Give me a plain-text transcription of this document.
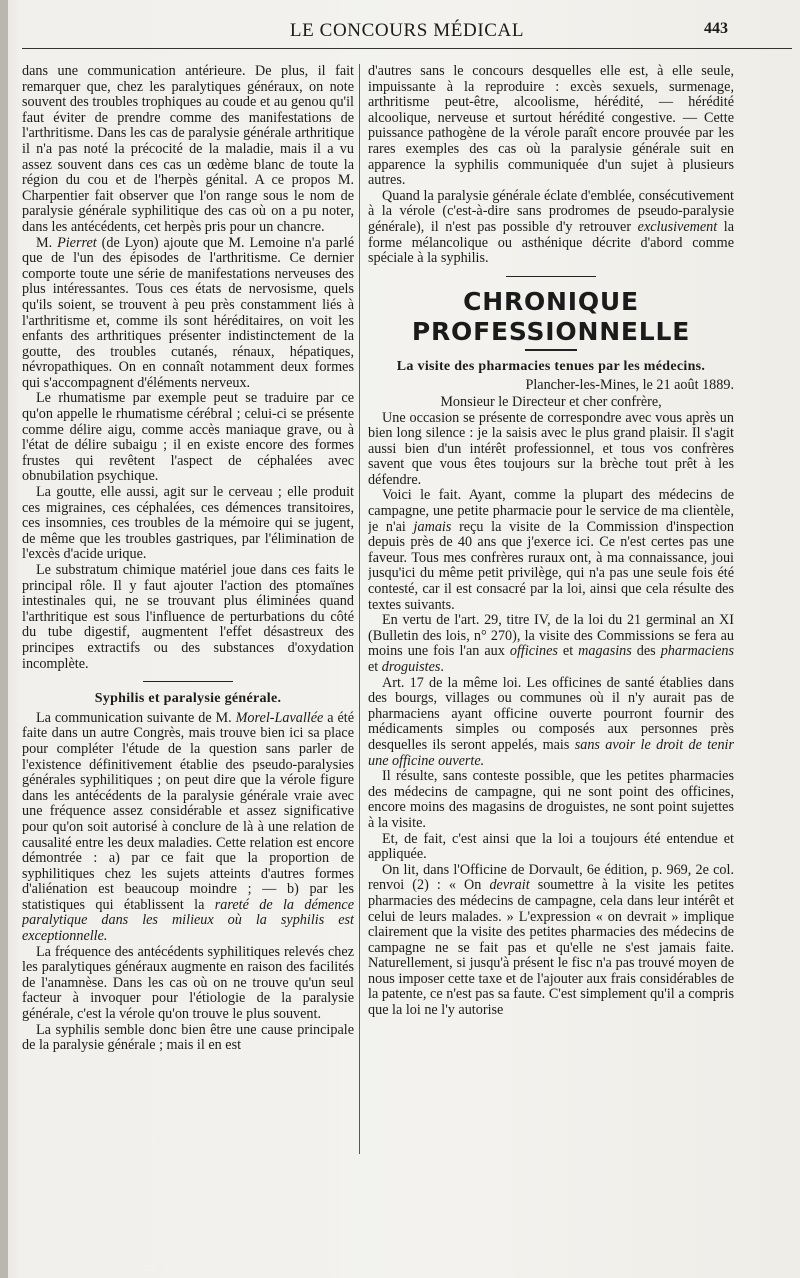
LE CONCOURS MÉDICAL	443

dans une communication antérieure. De plus, il fait remarquer que, chez les paralytiques généraux, on note souvent des troubles trophiques au coude et au genou qu'il faut éviter de prendre comme des manifestations de l'arthritisme. Dans les cas de paralysie générale arthritique il n'a pas noté la précocité de la maladie, mais il a vu assez souvent dans ces cas un œdème blanc de toute la région du cou et de l'herpès génital. A ce propos M. Charpentier fait observer que l'on range sous le nom de paralysie générale syphilitique des cas où on a pu noter, dans les antécédents, cet herpès pris pour un chancre.

M. Pierret (de Lyon) ajoute que M. Lemoine n'a parlé que de l'un des épisodes de l'arthritisme. Ce dernier comporte toute une série de manifestations nerveuses des plus intéressantes. Tous ces états de nervosisme, quels qu'ils soient, se trouvent à peu près constamment liés à l'arthritisme et, comme ils sont héréditaires, on voit les enfants des arthritiques présenter indistinctement de la goutte, des troubles cutanés, rénaux, hépatiques, névropathiques. On en connaît notamment deux formes qui s'accompagnent d'éléments nerveux.

Le rhumatisme par exemple peut se traduire par ce qu'on appelle le rhumatisme cérébral ; celui-ci se présente comme délire aigu, comme accès maniaque grave, ou à l'état de délire subaigu ; il en existe encore des formes frustes qui revêtent l'aspect de céphalées avec obnubilation psychique.

La goutte, elle aussi, agit sur le cerveau ; elle produit ces migraines, ces céphalées, ces démences transitoires, ces insomnies, ces troubles de la mémoire qui se jugent, de même que les troubles gastriques, par l'élimination de l'excès d'acide urique.

Le substratum chimique matériel joue dans ces faits le principal rôle. Il y faut ajouter l'action des ptomaïnes intestinales qui, ne se trouvant plus éliminées quand l'arthritique est sous l'influence de perturbations du côté du tube digestif, augmentent l'effet désastreux des principes extractifs ou des substances d'oxydation incomplète.

Syphilis et paralysie générale.

La communication suivante de M. Morel-Lavallée a été faite dans un autre Congrès, mais trouve bien ici sa place pour compléter l'étude de la question sans parler de l'existence définitivement établie des pseudo-paralysies générales syphilitiques ; on peut dire que la vérole figure dans les antécédents de la paralysie générale vraie avec une fréquence assez considérable et assez significative pour qu'on soit autorisé à conclure de là à une relation de causalité entre les deux maladies. Cette relation est encore démontrée : a) par ce fait que la proportion de syphilitiques chez les sujets atteints d'autres formes d'aliénation est beaucoup moindre ; — b) par les statistiques qui établissent la rareté de la démence paralytique dans les milieux où la syphilis est exceptionnelle.

La fréquence des antécédents syphilitiques relevés chez les paralytiques généraux augmente en raison des facilités de l'anamnèse. Dans les cas où on ne trouve qu'un seul facteur à invoquer pour l'étiologie de la paralysie générale, c'est la vérole qu'on trouve le plus souvent.

La syphilis semble donc bien être une cause principale de la paralysie générale ; mais il en est

d'autres sans le concours desquelles elle est, à elle seule, impuissante à la reproduire : excès sexuels, surmenage, arthritisme peut-être, alcoolisme, hérédité, — hérédité alcoolique, nerveuse et surtout hérédité congestive. — Cette puissance pathogène de la vérole paraît encore prouvée par les rares exemples des cas où la paralysie générale suit en apparence la syphilis communiquée d'un sujet à plusieurs autres.

Quand la paralysie générale éclate d'emblée, consécutivement à la vérole (c'est-à-dire sans prodromes de pseudo-paralysie générale), il n'est pas possible d'y retrouver exclusivement la forme mélancolique ou asthénique décrite d'abord comme spéciale à la syphilis.

CHRONIQUE PROFESSIONNELLE
La visite des pharmacies tenues par les médecins.

Plancher-les-Mines, le 21 août 1889.

Monsieur le Directeur et cher confrère,

Une occasion se présente de correspondre avec vous après un bien long silence : je la saisis avec le plus grand plaisir. Il s'agit aussi bien d'un intérêt professionnel, et tous vos confrères savent que vous êtes toujours sur la brèche tout prêt à les défendre.

Voici le fait. Ayant, comme la plupart des médecins de campagne, une petite pharmacie pour le service de ma clientèle, je n'ai jamais reçu la visite de la Commission d'inspection depuis près de 40 ans que j'exerce ici. Ce n'est certes pas une faveur. Tous mes confrères ruraux ont, à ma connaissance, joui jusqu'ici du même petit privilège, qui n'a pas une seule fois été contesté, car il est consacré par la loi, ainsi que cela résulte des textes suivants.

En vertu de l'art. 29, titre IV, de la loi du 21 germinal an XI (Bulletin des lois, n° 270), la visite des Commissions se fera au moins une fois l'an aux officines et magasins des pharmaciens et droguistes.

Art. 17 de la même loi. Les officines de santé établies dans des bourgs, villages ou communes où il n'y aurait pas de pharmaciens ayant officine ouverte pourront fournir des médicaments simples ou composés aux personnes près desquelles ils seront appelés, mais sans avoir le droit de tenir une officine ouverte.

Il résulte, sans conteste possible, que les petites pharmacies des médecins de campagne, qui ne sont point des officines, encore moins des magasins de droguistes, ne sont point sujettes à la visite.

Et, de fait, c'est ainsi que la loi a toujours été entendue et appliquée.

On lit, dans l'Officine de Dorvault, 6e édition, p. 969, 2e col. renvoi (2) : « On devrait soumettre à la visite les petites pharmacies des médecins de campagne, cela dans leur intérêt et celui de leurs malades. » L'expression « on devrait » implique clairement que la visite des petites pharmacies des médecins de campagne ne se fait pas et qu'elle ne s'est jamais faite. Naturellement, si jusqu'à présent le fisc n'a pas trouvé moyen de nous imposer cette taxe et de l'ajouter aux frais considérables de la patente, ce n'est pas sa faute. C'est simplement qu'il a compris que la loi ne l'y autorise
